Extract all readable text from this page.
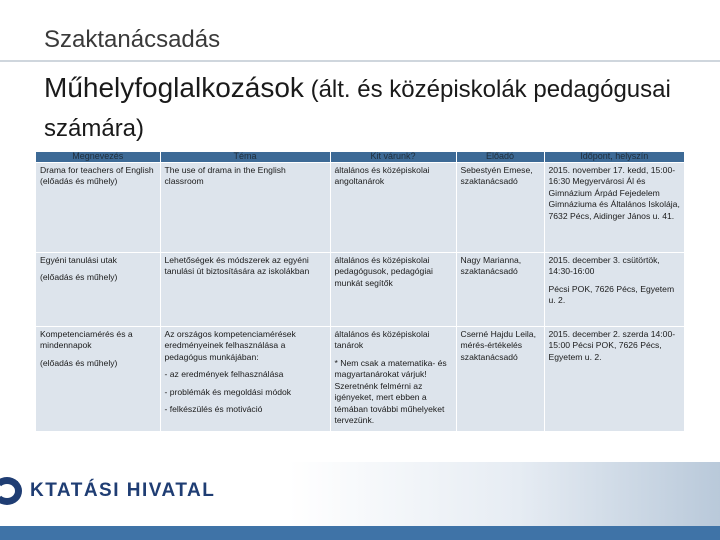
Szaktanácsadás
Műhelyfoglalkozások (ált. és középiskolák pedagógusai számára)
Megnevezés	Téma	Kit várunk?	Előadó	Időpont, helyszín

Drama for teachers of English
(előadás és műhely)	The use of drama in the English classroom	általános és középiskolai angoltanárok	Sebestyén Emese, szaktanácsadó	2015. november 17. kedd, 15:00-16:30 Megyervárosi Ál és Gimnázium Árpád Fejedelem Gimnáziuma és Általános Iskolája, 7632 Pécs, Aidinger János u. 41.

Egyéni tanulási utak
(előadás és műhely)	Lehetőségek és módszerek az egyéni tanulási út biztosítására az iskolákban	általános és középiskolai pedagógusok, pedagógiai munkát segítők	Nagy Marianna, szaktanácsadó	2015. december 3. csütörtök, 14:30-16:00
Pécsi POK, 7626 Pécs, Egyetem u. 2.

Kompetenciamérés és a mindennapok
(előadás és műhely)	Az országos kompetenciamérések eredményeinek felhasználása a pedagógus munkájában:
- az eredmények felhasználása
- problémák és megoldási módok
- felkészülés és motiváció	általános és középiskolai tanárok
* Nem csak a matematika- és magyartanárokat várjuk! Szeretnénk felmérni az igényeket, mert ebben a témában további műhelyeket tervezünk.	Cserné Hajdu Leila, mérés-értékelés szaktanácsadó	2015. december 2. szerda 14:00-15:00 Pécsi POK, 7626 Pécs, Egyetem u. 2.
KTATÁSI HIVATAL
